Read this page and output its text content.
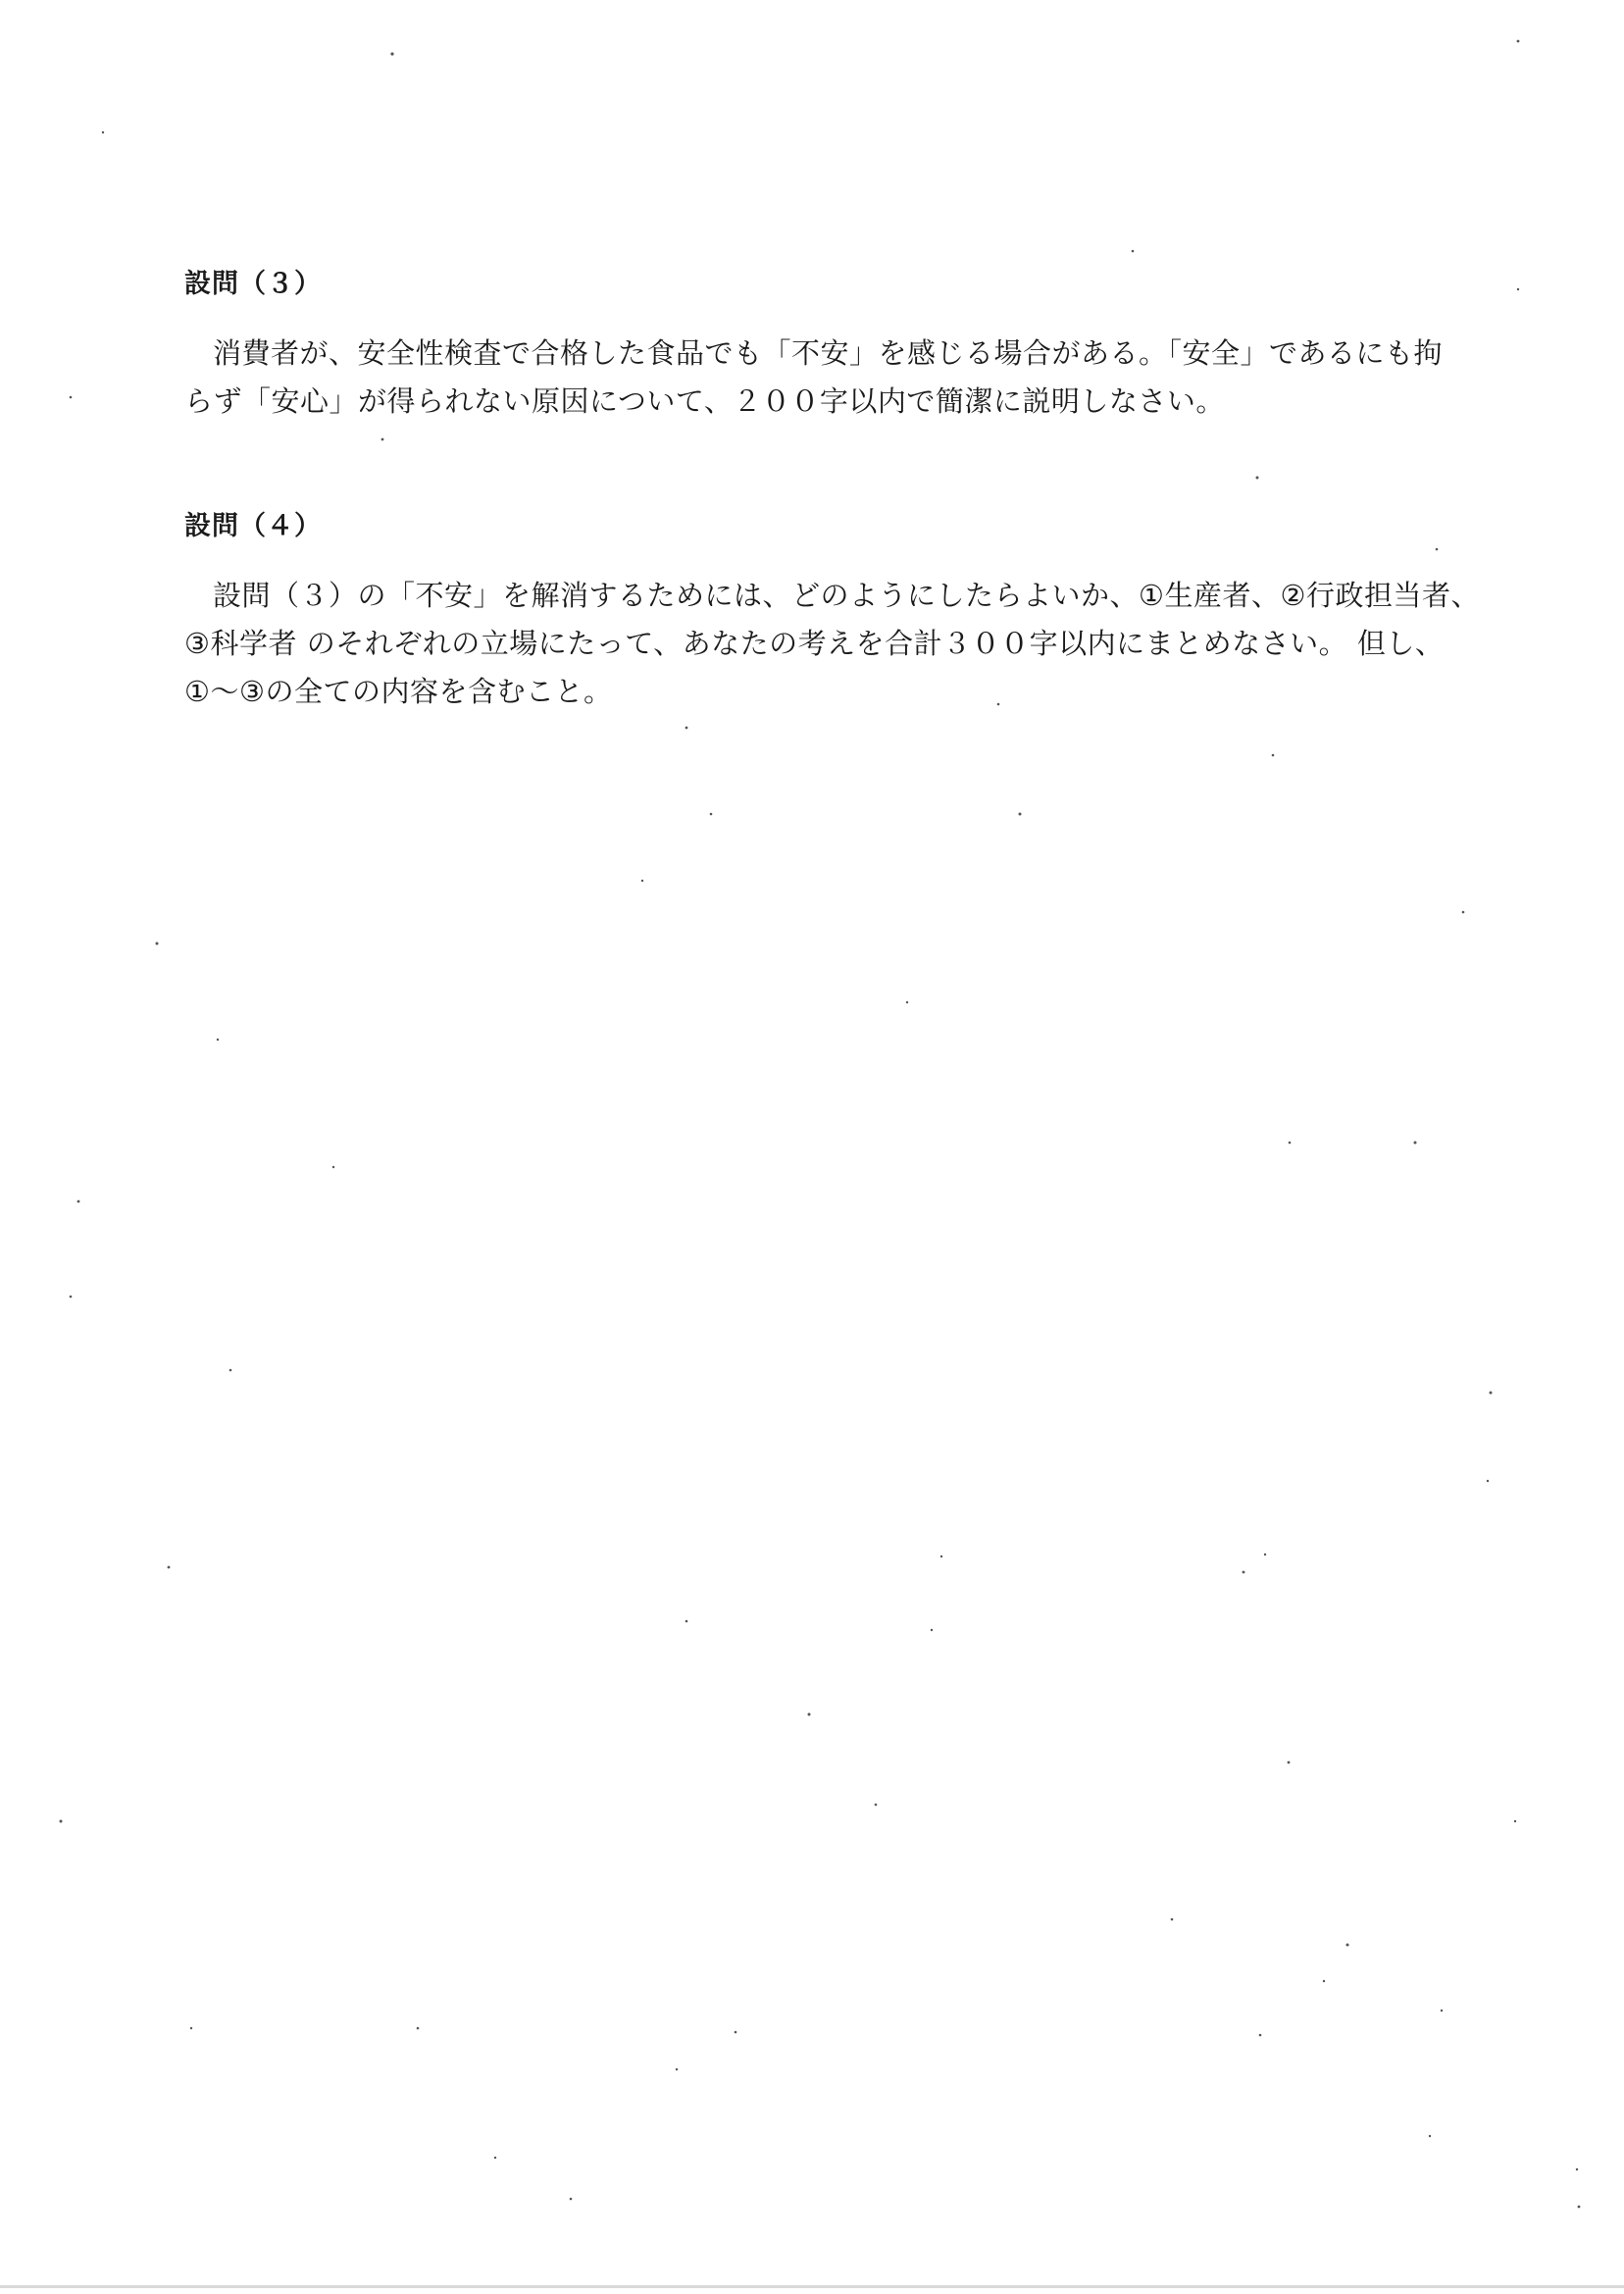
設問（３）

消費者が、安全性検査で合格した食品でも「不安」を感じる場合がある。「安全」であるにも拘
らず「安心」が得られない原因について、２００字以内で簡潔に説明しなさい。

設問（４）

設問（３）の「不安」を解消するためには、どのようにしたらよいか、①生産者、②行政担当者、
③科学者 のそれぞれの立場にたって、あなたの考えを合計３００字以内にまとめなさい。 但し、
①〜③の全ての内容を含むこと。
